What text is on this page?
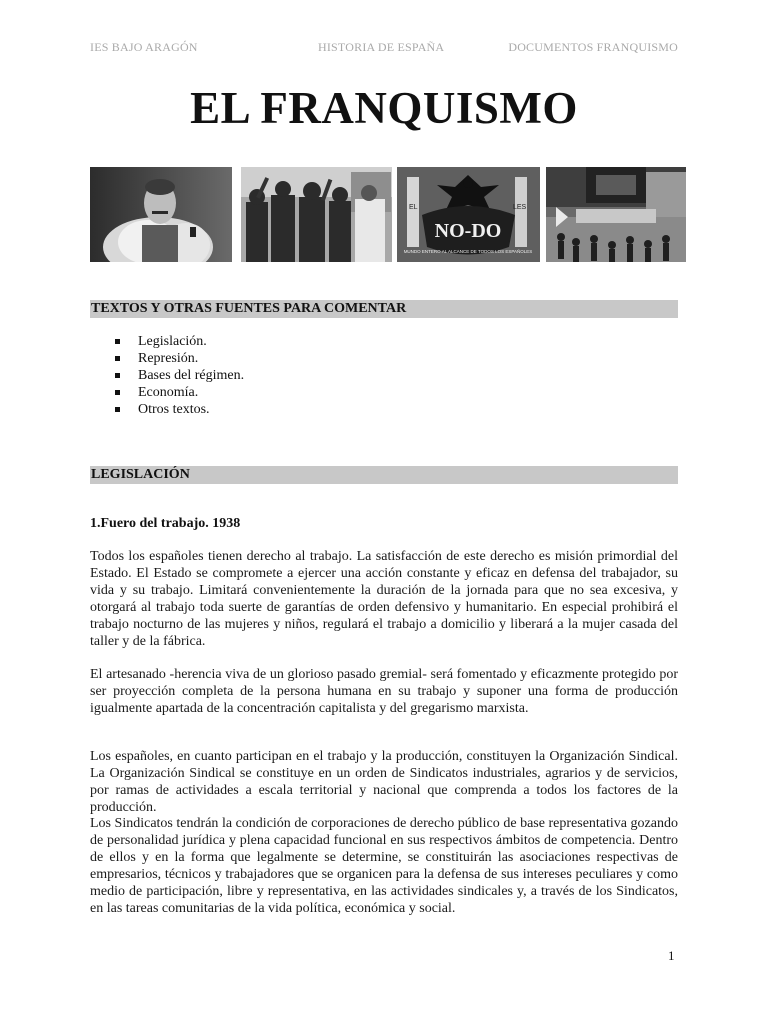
IES BAJO ARAGÓN	HISTORIA DE ESPAÑA	DOCUMENTOS FRANQUISMO
EL FRANQUISMO
NO-DO
MUNDO ENTERO AL ALCANCE DE TODOS LOS ESPAÑOLES
EL	LES
TEXTOS Y OTRAS FUENTES PARA COMENTAR
Legislación.
Represión.
Bases del régimen.
Economía.
Otros textos.
LEGISLACIÓN

1.Fuero del trabajo. 1938

Todos los españoles tienen derecho al trabajo. La satisfacción de este derecho es misión primordial del Estado. El Estado se compromete a ejercer una acción constante y eficaz en defensa del trabajador, su vida y su trabajo. Limitará convenientemente la duración de la jornada para que no sea excesiva, y otorgará al trabajo toda suerte de garantías de orden defensivo y humanitario. En especial prohibirá el trabajo nocturno de las mujeres y niños, regulará el trabajo a domicilio y liberará a la mujer casada del taller y de la fábrica.

El artesanado -herencia viva de un glorioso pasado gremial- será fomentado y eficazmente protegido por ser proyección completa de la persona humana en su trabajo y suponer una forma de producción igualmente apartada de la concentración capitalista y del gregarismo marxista.

Los españoles, en cuanto participan en el trabajo y la producción, constituyen la Organización Sindical. La Organización Sindical se constituye en un orden de Sindicatos industriales, agrarios y de servicios, por ramas de actividades a escala territorial y nacional que comprenda a todos los factores de la producción.

Los Sindicatos tendrán la condición de corporaciones de derecho público de base representativa gozando de personalidad jurídica y plena capacidad funcional en sus respectivos ámbitos de competencia. Dentro de ellos y en la forma que legalmente se determine, se constituirán las asociaciones respectivas de empresarios, técnicos y trabajadores que se organicen para la defensa de sus intereses peculiares y como medio de participación, libre y representativa, en las actividades sindicales y, a través de los Sindicatos, en las tareas comunitarias de la vida política, económica y social.

1
